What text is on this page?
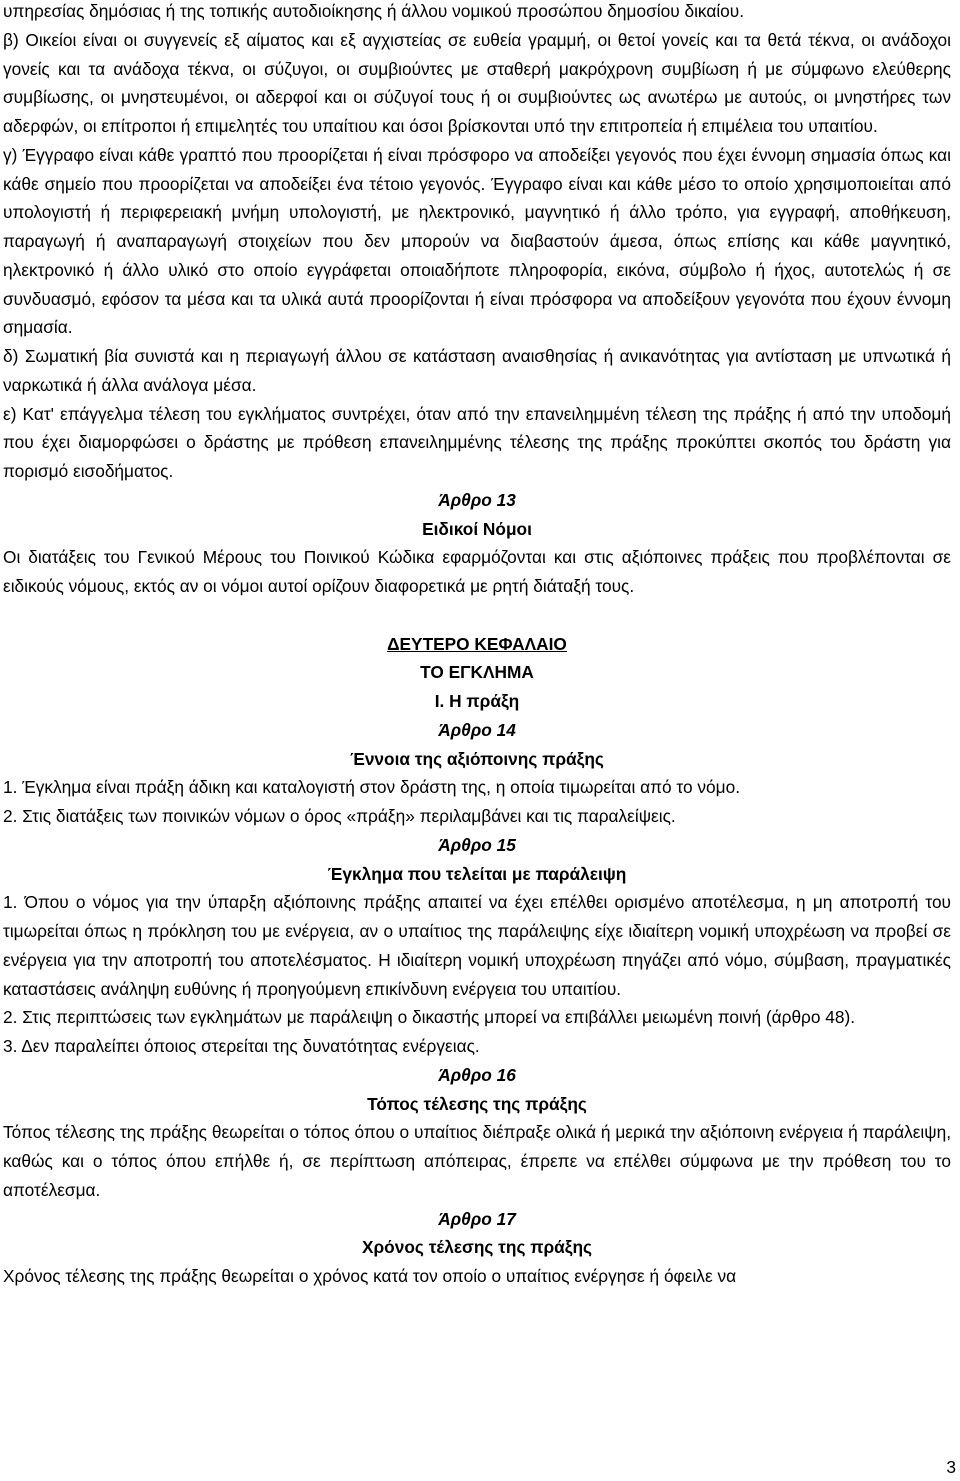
υπηρεσίας δημόσιας ή της τοπικής αυτοδιοίκησης ή άλλου νομικού προσώπου δημοσίου δικαίου.

β) Οικείοι είναι οι συγγενείς εξ αίματος και εξ αγχιστείας σε ευθεία γραμμή, οι θετοί γονείς και τα θετά τέκνα, οι ανάδοχοι γονείς και τα ανάδοχα τέκνα, οι σύζυγοι, οι συμβιούντες με σταθερή μακρόχρονη συμβίωση ή με σύμφωνο ελεύθερης συμβίωσης, οι μνηστευμένοι, οι αδερφοί και οι σύζυγοί τους ή οι συμβιούντες ως ανωτέρω με αυτούς, οι μνηστήρες των αδερφών, οι επίτροποι ή επιμελητές του υπαίτιου και όσοι βρίσκονται υπό την επιτροπεία ή επιμέλεια του υπαιτίου.

γ) Έγγραφο είναι κάθε γραπτό που προορίζεται ή είναι πρόσφορο να αποδείξει γεγονός που έχει έννομη σημασία όπως και κάθε σημείο που προορίζεται να αποδείξει ένα τέτοιο γεγονός. Έγγραφο είναι και κάθε μέσο το οποίο χρησιμοποιείται από υπολογιστή ή περιφερειακή μνήμη υπολογιστή, με ηλεκτρονικό, μαγνητικό ή άλλο τρόπο, για εγγραφή, αποθήκευση, παραγωγή ή αναπαραγωγή στοιχείων που δεν μπορούν να διαβαστούν άμεσα, όπως επίσης και κάθε μαγνητικό, ηλεκτρονικό ή άλλο υλικό στο οποίο εγγράφεται οποιαδήποτε πληροφορία, εικόνα, σύμβολο ή ήχος, αυτοτελώς ή σε συνδυασμό, εφόσον τα μέσα και τα υλικά αυτά προορίζονται ή είναι πρόσφορα να αποδείξουν γεγονότα που έχουν έννομη σημασία.

δ) Σωματική βία συνιστά και η περιαγωγή άλλου σε κατάσταση αναισθησίας ή ανικανότητας για αντίσταση με υπνωτικά ή ναρκωτικά ή άλλα ανάλογα μέσα.

ε) Κατ' επάγγελμα τέλεση του εγκλήματος συντρέχει, όταν από την επανειλημμένη τέλεση της πράξης ή από την υποδομή που έχει διαμορφώσει ο δράστης με πρόθεση επανειλημμένης τέλεσης της πράξης προκύπτει σκοπός του δράστη για πορισμό εισοδήματος.

Άρθρο 13

Ειδικοί Νόμοι

Οι διατάξεις του Γενικού Μέρους του Ποινικού Κώδικα εφαρμόζονται και στις αξιόποινες πράξεις που προβλέπονται σε ειδικούς νόμους, εκτός αν οι νόμοι αυτοί ορίζουν διαφορετικά με ρητή διάταξή τους.

ΔΕΥΤΕΡΟ ΚΕΦΑΛΑΙΟ

ΤΟ ΕΓΚΛΗΜΑ

Ι. Η πράξη

Άρθρο 14

Έννοια της αξιόποινης πράξης

1. Έγκλημα είναι πράξη άδικη και καταλογιστή στον δράστη της, η οποία τιμωρείται από το νόμο.

2. Στις διατάξεις των ποινικών νόμων ο όρος «πράξη» περιλαμβάνει και τις παραλείψεις.

Άρθρο 15

Έγκλημα που τελείται με παράλειψη

1. Όπου ο νόμος για την ύπαρξη αξιόποινης πράξης απαιτεί να έχει επέλθει ορισμένο αποτέλεσμα, η μη αποτροπή του τιμωρείται όπως η πρόκληση του με ενέργεια, αν ο υπαίτιος της παράλειψης είχε ιδιαίτερη νομική υποχρέωση να προβεί σε ενέργεια για την αποτροπή του αποτελέσματος. Η ιδιαίτερη νομική υποχρέωση πηγάζει από νόμο, σύμβαση, πραγματικές καταστάσεις ανάληψη ευθύνης ή προηγούμενη επικίνδυνη ενέργεια του υπαιτίου.

2. Στις περιπτώσεις των εγκλημάτων με παράλειψη ο δικαστής μπορεί να επιβάλλει μειωμένη ποινή (άρθρο 48).

3. Δεν παραλείπει όποιος στερείται της δυνατότητας ενέργειας.

Άρθρο 16

Τόπος τέλεσης της πράξης

Τόπος τέλεσης της πράξης θεωρείται ο τόπος όπου ο υπαίτιος διέπραξε ολικά ή μερικά την αξιόποινη ενέργεια ή παράλειψη, καθώς και ο τόπος όπου επήλθε ή, σε περίπτωση απόπειρας, έπρεπε να επέλθει σύμφωνα με την πρόθεση του το αποτέλεσμα.

Άρθρο 17

Χρόνος τέλεσης της πράξης

Χρόνος τέλεσης της πράξης θεωρείται ο χρόνος κατά τον οποίο ο υπαίτιος ενέργησε ή όφειλε να

3
